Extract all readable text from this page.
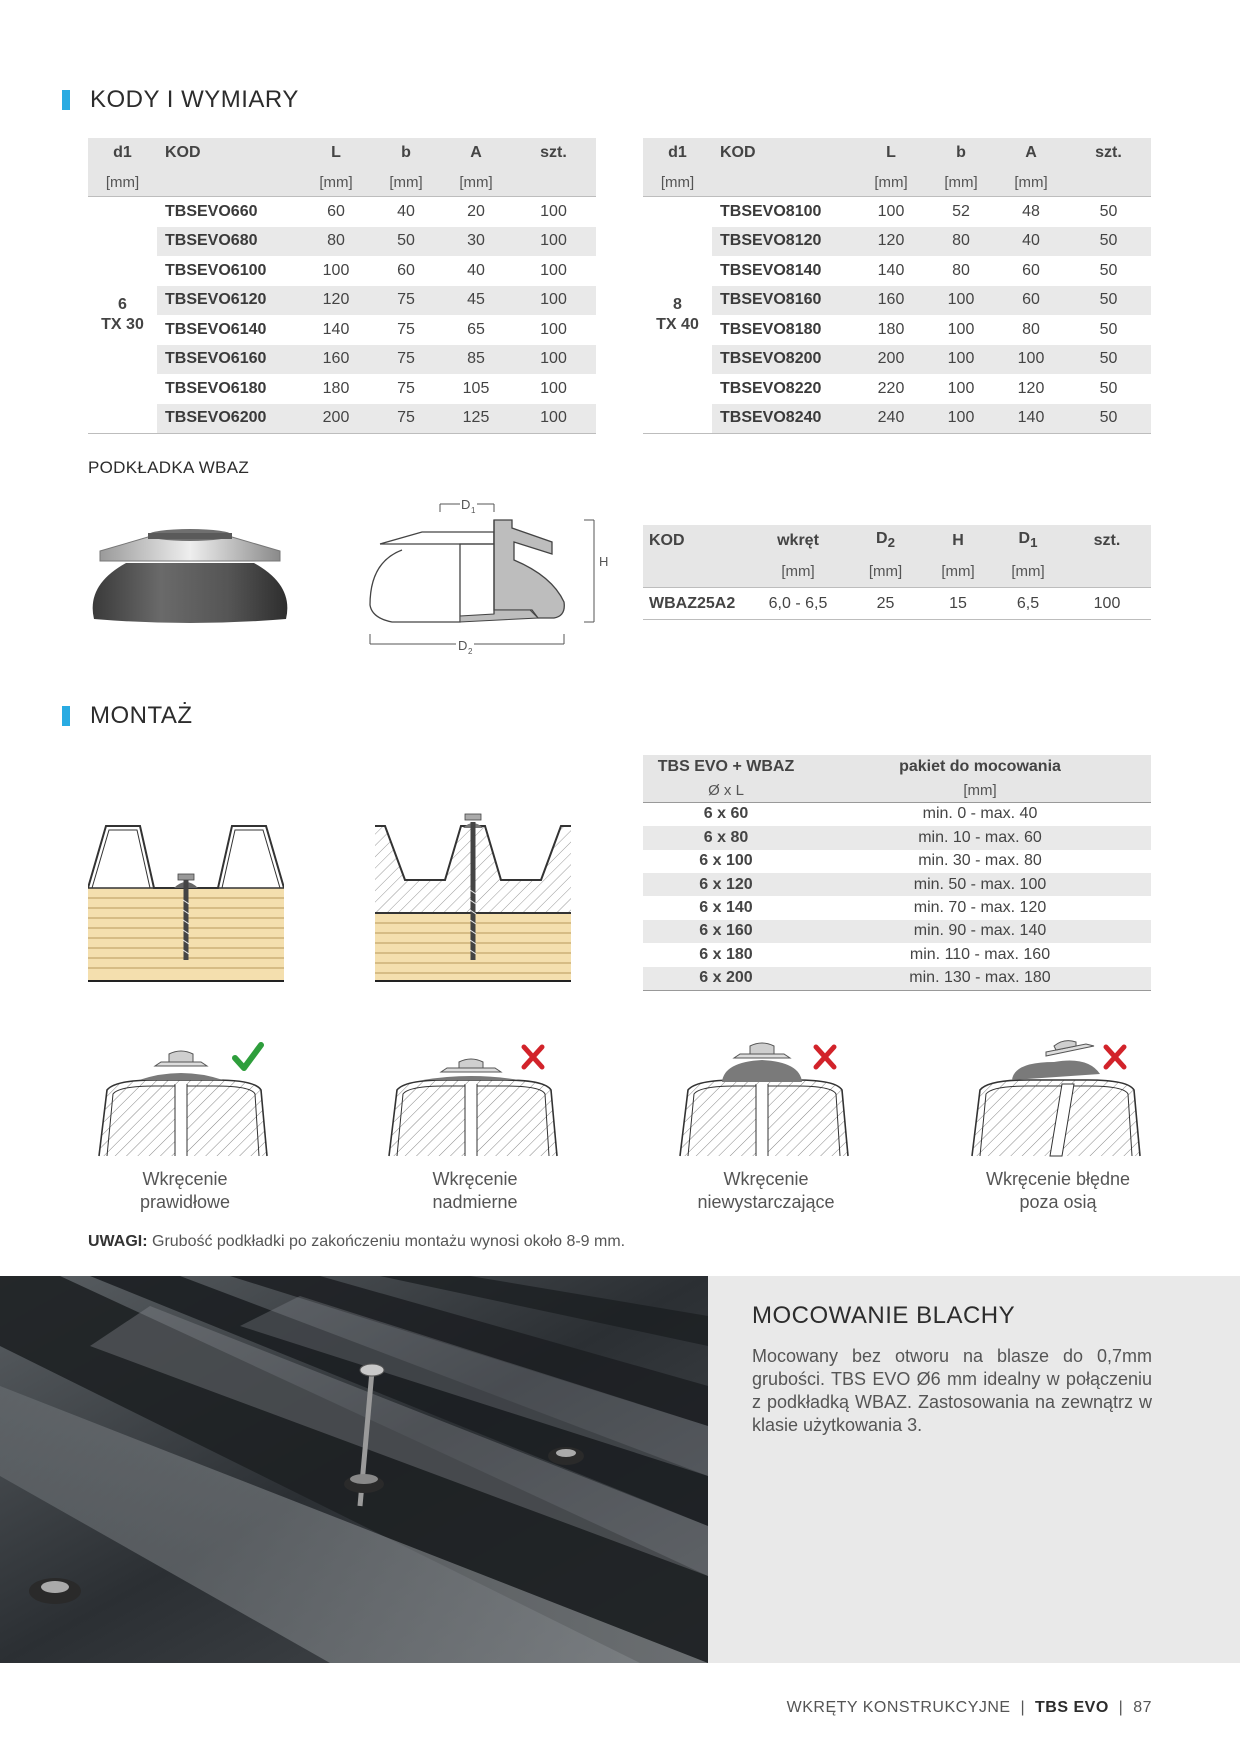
KODY I WYMIARY
d1	KOD	L	b	A	szt.
[mm]		[mm]	[mm]	[mm]	

6
TX 30	TBSEVO660	60	40	20	100
	TBSEVO680	80	50	30	100
	TBSEVO6100	100	60	40	100
	TBSEVO6120	120	75	45	100
	TBSEVO6140	140	75	65	100
	TBSEVO6160	160	75	85	100
	TBSEVO6180	180	75	105	100
	TBSEVO6200	200	75	125	100
d1	KOD	L	b	A	szt.
[mm]		[mm]	[mm]	[mm]	

8
TX 40	TBSEVO8100	100	52	48	50
	TBSEVO8120	120	80	40	50
	TBSEVO8140	140	80	60	50
	TBSEVO8160	160	100	60	50
	TBSEVO8180	180	100	80	50
	TBSEVO8200	200	100	100	50
	TBSEVO8220	220	100	120	50
	TBSEVO8240	240	100	140	50
PODKŁADKA WBAZ
D 1
H
D 2
KOD	wkręt	$D_2$	H	$D_1$	szt.
	[mm]	[mm]	[mm]	[mm]	
WBAZ25A2	6,0 - 6,5	25	15	6,5	100
MONTAŻ
TBS EVO + WBAZ	pakiet do mocowania
Ø x L	[mm]
6 x 60	min. 0 - max. 40
6 x 80	min. 10 - max. 60
6 x 100	min. 30 - max. 80
6 x 120	min. 50 - max. 100
6 x 140	min. 70 - max. 120
6 x 160	min. 90 - max. 140
6 x 180	min. 110 - max. 160
6 x 200	min. 130 - max. 180
Wkręcenie
prawidłowe
Wkręcenie
nadmierne
Wkręcenie
niewystarczające
Wkręcenie błędne
poza osią
UWAGI: Grubość podkładki po zakończeniu montażu wynosi około 8-9 mm.
MOCOWANIE BLACHY
Mocowany bez otworu na blasze do 0,7mm grubości. TBS EVO Ø6 mm idealny w połączeniu z podkładką WBAZ. Zastosowania na zewnątrz w klasie użytkowania 3.
WKRĘTY KONSTRUKCYJNE  |  TBS EVO  |  87
